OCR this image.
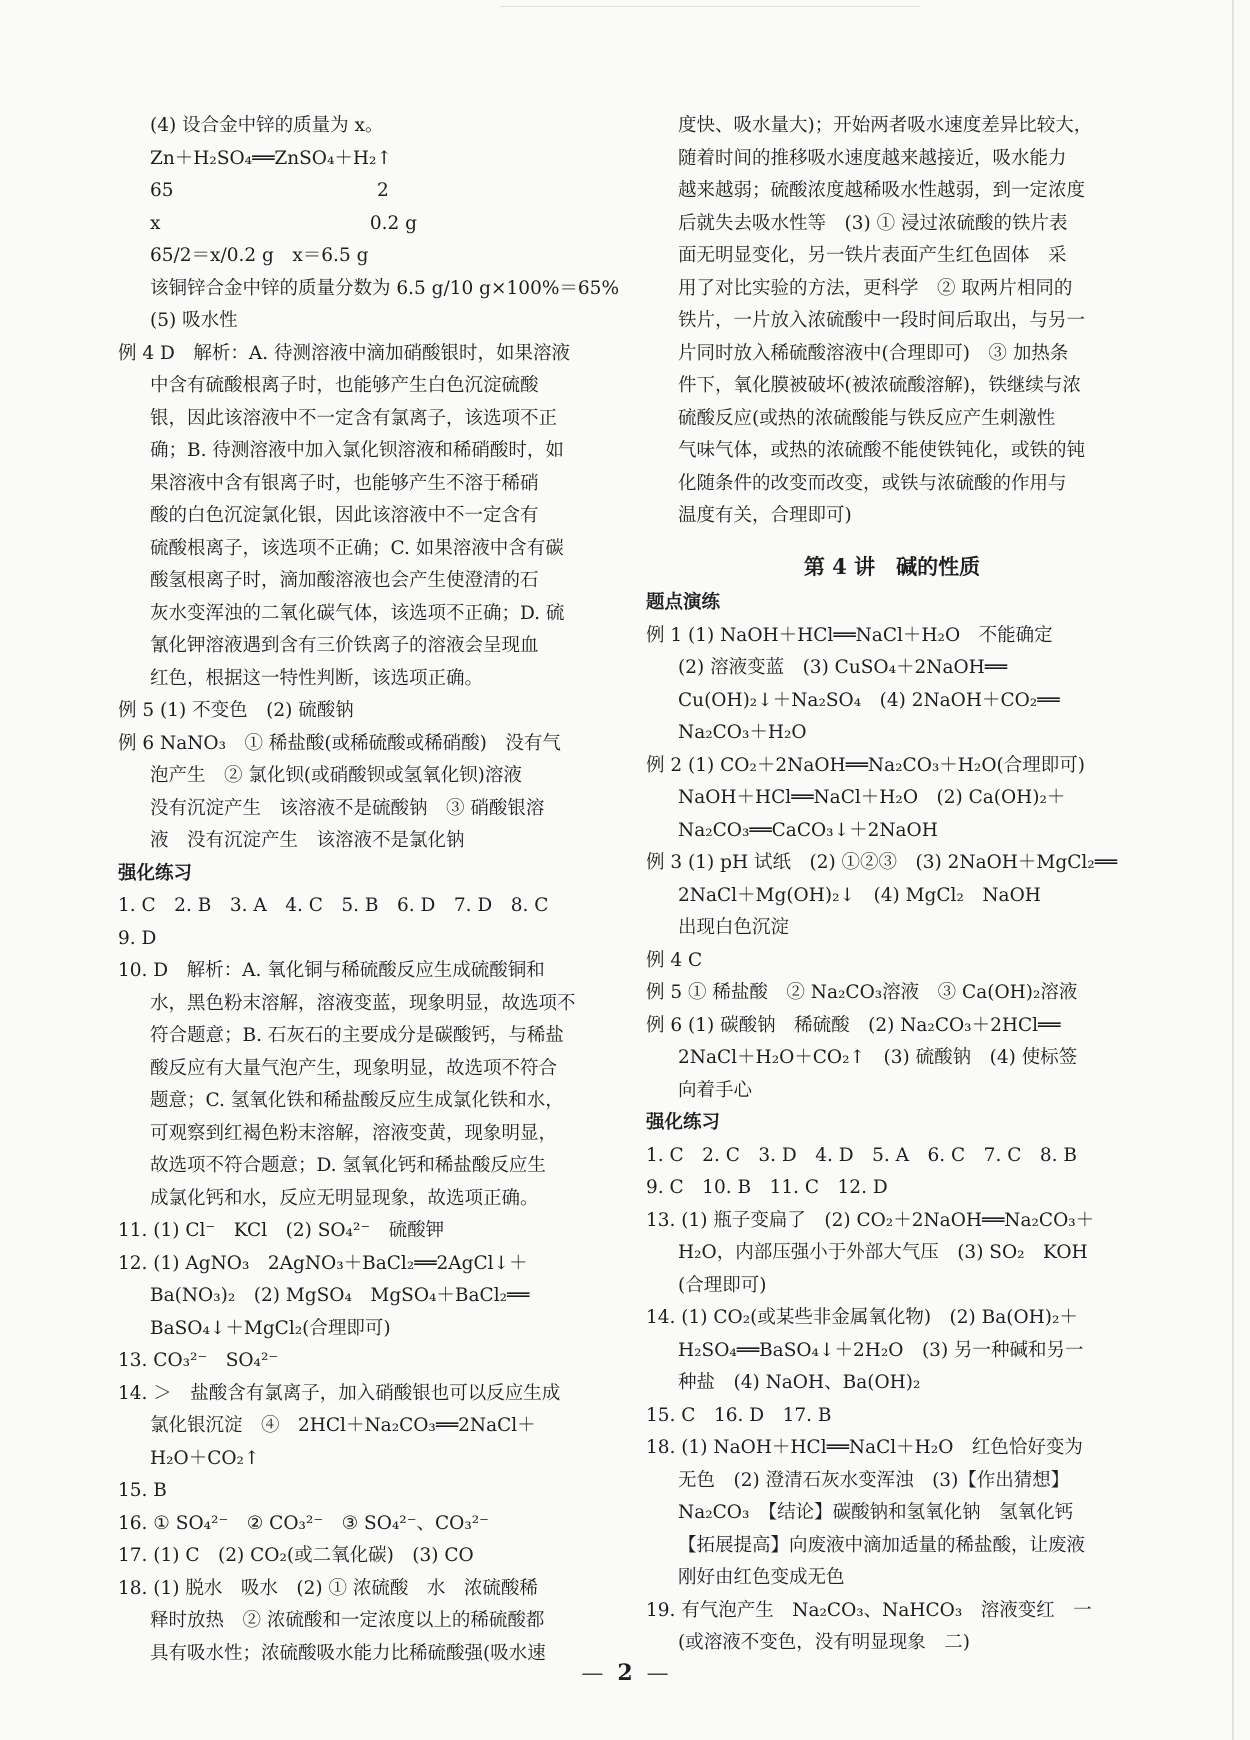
(4) 设合金中锌的质量为 x。
Zn＋H₂SO₄══ZnSO₄＋H₂↑
65　　　　　　　　　　　2
x　　　　　　　　　　　 0.2 g
65/2＝x/0.2 g　x＝6.5 g
该铜锌合金中锌的质量分数为 6.5 g/10 g×100%＝65%
(5) 吸水性
例 4 D　解析：A. 待测溶液中滴加硝酸银时，如果溶液
中含有硫酸根离子时，也能够产生白色沉淀硫酸
银，因此该溶液中不一定含有氯离子，该选项不正
确；B. 待测溶液中加入氯化钡溶液和稀硝酸时，如
果溶液中含有银离子时，也能够产生不溶于稀硝
酸的白色沉淀氯化银，因此该溶液中不一定含有
硫酸根离子，该选项不正确；C. 如果溶液中含有碳
酸氢根离子时，滴加酸溶液也会产生使澄清的石
灰水变浑浊的二氧化碳气体，该选项不正确；D. 硫
氰化钾溶液遇到含有三价铁离子的溶液会呈现血
红色，根据这一特性判断，该选项正确。
例 5 (1) 不变色　(2) 硫酸钠
例 6 NaNO₃　① 稀盐酸(或稀硫酸或稀硝酸)　没有气
泡产生　② 氯化钡(或硝酸钡或氢氧化钡)溶液
没有沉淀产生　该溶液不是硫酸钠　③ 硝酸银溶
液　没有沉淀产生　该溶液不是氯化钠
强化练习
1. C　2. B　3. A　4. C　5. B　6. D　7. D　8. C
9. D
10. D　解析：A. 氧化铜与稀硫酸反应生成硫酸铜和
水，黑色粉末溶解，溶液变蓝，现象明显，故选项不
符合题意；B. 石灰石的主要成分是碳酸钙，与稀盐
酸反应有大量气泡产生，现象明显，故选项不符合
题意；C. 氢氧化铁和稀盐酸反应生成氯化铁和水，
可观察到红褐色粉末溶解，溶液变黄，现象明显，
故选项不符合题意；D. 氢氧化钙和稀盐酸反应生
成氯化钙和水，反应无明显现象，故选项正确。
11. (1) Cl⁻　KCl　(2) SO₄²⁻　硫酸钾
12. (1) AgNO₃　2AgNO₃＋BaCl₂══2AgCl↓＋
Ba(NO₃)₂　(2) MgSO₄　MgSO₄＋BaCl₂══
BaSO₄↓＋MgCl₂(合理即可)
13. CO₃²⁻　SO₄²⁻
14. ＞　盐酸含有氯离子，加入硝酸银也可以反应生成
氯化银沉淀　④　2HCl＋Na₂CO₃══2NaCl＋
H₂O＋CO₂↑
15. B
16. ① SO₄²⁻　② CO₃²⁻　③ SO₄²⁻、CO₃²⁻
17. (1) C　(2) CO₂(或二氧化碳)　(3) CO
18. (1) 脱水　吸水　(2) ① 浓硫酸　水　浓硫酸稀
释时放热　② 浓硫酸和一定浓度以上的稀硫酸都
具有吸水性；浓硫酸吸水能力比稀硫酸强(吸水速
度快、吸水量大)；开始两者吸水速度差异比较大，
随着时间的推移吸水速度越来越接近，吸水能力
越来越弱；硫酸浓度越稀吸水性越弱，到一定浓度
后就失去吸水性等　(3) ① 浸过浓硫酸的铁片表
面无明显变化，另一铁片表面产生红色固体　采
用了对比实验的方法，更科学　② 取两片相同的
铁片，一片放入浓硫酸中一段时间后取出，与另一
片同时放入稀硫酸溶液中(合理即可)　③ 加热条
件下，氧化膜被破坏(被浓硫酸溶解)，铁继续与浓
硫酸反应(或热的浓硫酸能与铁反应产生刺激性
气味气体，或热的浓硫酸不能使铁钝化，或铁的钝
化随条件的改变而改变，或铁与浓硫酸的作用与
温度有关，合理即可)
第 4 讲　碱的性质
题点演练
例 1 (1) NaOH＋HCl══NaCl＋H₂O　不能确定
(2) 溶液变蓝　(3) CuSO₄＋2NaOH══
Cu(OH)₂↓＋Na₂SO₄　(4) 2NaOH＋CO₂══
Na₂CO₃＋H₂O
例 2 (1) CO₂＋2NaOH══Na₂CO₃＋H₂O(合理即可)
NaOH＋HCl══NaCl＋H₂O　(2) Ca(OH)₂＋
Na₂CO₃══CaCO₃↓＋2NaOH
例 3 (1) pH 试纸　(2) ①②③　(3) 2NaOH＋MgCl₂══
2NaCl＋Mg(OH)₂↓　(4) MgCl₂　NaOH
出现白色沉淀
例 4 C
例 5 ① 稀盐酸　② Na₂CO₃溶液　③ Ca(OH)₂溶液
例 6 (1) 碳酸钠　稀硫酸　(2) Na₂CO₃＋2HCl══
2NaCl＋H₂O＋CO₂↑　(3) 硫酸钠　(4) 使标签
向着手心
强化练习
1. C　2. C　3. D　4. D　5. A　6. C　7. C　8. B
9. C　10. B　11. C　12. D
13. (1) 瓶子变扁了　(2) CO₂＋2NaOH══Na₂CO₃＋
H₂O，内部压强小于外部大气压　(3) SO₂　KOH
(合理即可)
14. (1) CO₂(或某些非金属氧化物)　(2) Ba(OH)₂＋
H₂SO₄══BaSO₄↓＋2H₂O　(3) 另一种碱和另一
种盐　(4) NaOH、Ba(OH)₂
15. C　16. D　17. B
18. (1) NaOH＋HCl══NaCl＋H₂O　红色恰好变为
无色　(2) 澄清石灰水变浑浊　(3)【作出猜想】
Na₂CO₃　【结论】碳酸钠和氢氧化钠　氢氧化钙
【拓展提高】向废液中滴加适量的稀盐酸，让废液
刚好由红色变成无色
19. 有气泡产生　Na₂CO₃、NaHCO₃　溶液变红　一
(或溶液不变色，没有明显现象　二)
— 2 —
